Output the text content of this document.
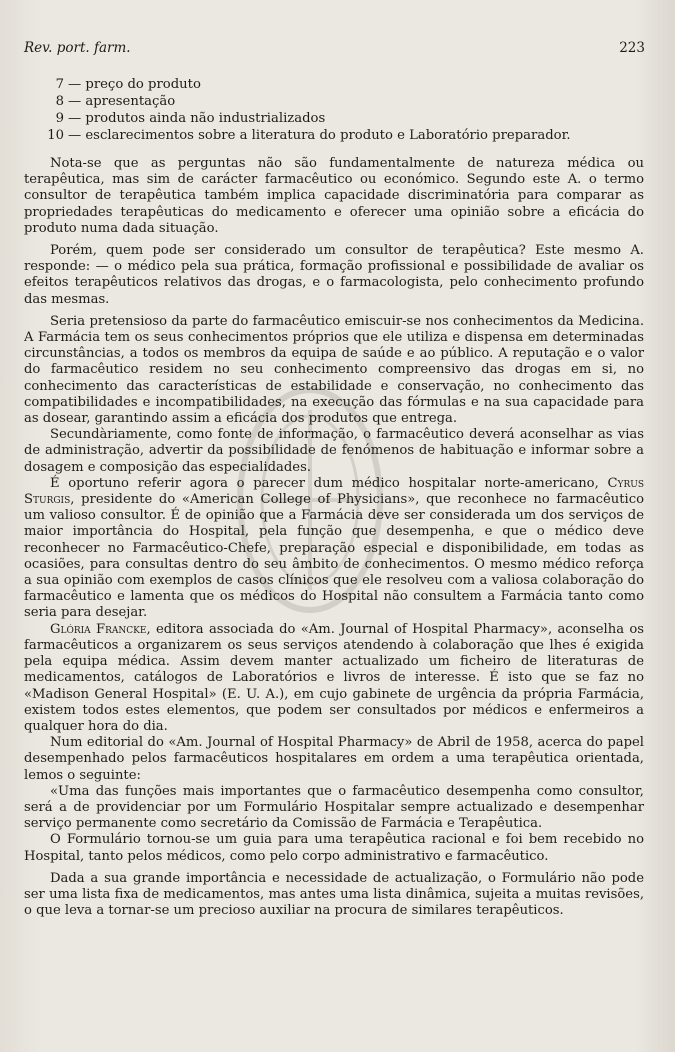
Rev. port. farm.	223
7 — preço do produto
8 — apresentação
9 — produtos ainda não industrializados
10 — esclarecimentos sobre a literatura do produto e Laboratório preparador.

Nota-se que as perguntas não são fundamentalmente de natureza médica ou terapêutica, mas sim de carácter farmacêutico ou económico. Segundo este A. o termo consultor de terapêutica também implica capacidade discriminatória para comparar as propriedades terapêuticas do medicamento e oferecer uma opinião sobre a eficácia do produto numa dada situação.

Porém, quem pode ser considerado um consultor de terapêutica? Este mesmo A. responde: — o médico pela sua prática, formação profissional e possibilidade de avaliar os efeitos terapêuticos relativos das drogas, e o farmacologista, pelo conhecimento profundo das mesmas.

Seria pretensioso da parte do farmacêutico emiscuir-se nos conhecimentos da Medicina. A Farmácia tem os seus conhecimentos próprios que ele utiliza e dispensa em determinadas circunstâncias, a todos os membros da equipa de saúde e ao público. A reputação e o valor do farmacêutico residem no seu conhecimento compreensivo das drogas em si, no conhecimento das características de estabilidade e conservação, no conhecimento das compatibilidades e incompatibilidades, na execução das fórmulas e na sua capacidade para as dosear, garantindo assim a eficácia dos produtos que entrega.

Secundàriamente, como fonte de informação, o farmacêutico deverá aconselhar as vias de administração, advertir da possibilidade de fenómenos de habituação e informar sobre a dosagem e composição das especialidades.

É oportuno referir agora o parecer dum médico hospitalar norte-americano, Cyrus Sturgis, presidente do «American College of Physicians», que reconhece no farmacêutico um valioso consultor. É de opinião que a Farmácia deve ser considerada um dos serviços de maior importância do Hospital, pela função que desempenha, e que o médico deve reconhecer no Farmacêutico-Chefe, preparação especial e disponibilidade, em todas as ocasiões, para consultas dentro do seu âmbito de conhecimentos. O mesmo médico reforça a sua opinião com exemplos de casos clínicos que ele resolveu com a valiosa colaboração do farmacêutico e lamenta que os médicos do Hospital não consultem a Farmácia tanto como seria para desejar.

Glória Francke, editora associada do «Am. Journal of Hospital Pharmacy», aconselha os farmacêuticos a organizarem os seus serviços atendendo à colaboração que lhes é exigida pela equipa médica. Assim devem manter actualizado um ficheiro de literaturas de medicamentos, catálogos de Laboratórios e livros de interesse. É isto que se faz no «Madison General Hospital» (E. U. A.), em cujo gabinete de urgência da própria Farmácia, existem todos estes elementos, que podem ser consultados por médicos e enfermeiros a qualquer hora do dia.

Num editorial do «Am. Journal of Hospital Pharmacy» de Abril de 1958, acerca do papel desempenhado pelos farmacêuticos hospitalares em ordem a uma terapêutica orientada, lemos o seguinte:

«Uma das funções mais importantes que o farmacêutico desempenha como consultor, será a de providenciar por um Formulário Hospitalar sempre actualizado e desempenhar serviço permanente como secretário da Comissão de Farmácia e Terapêutica.

O Formulário tornou-se um guia para uma terapêutica racional e foi bem recebido no Hospital, tanto pelos médicos, como pelo corpo administrativo e farmacêutico.

Dada a sua grande importância e necessidade de actualização, o Formulário não pode ser uma lista fixa de medicamentos, mas antes uma lista dinâmica, sujeita a muitas revisões, o que leva a tornar-se um precioso auxiliar na procura de similares terapêuticos.
